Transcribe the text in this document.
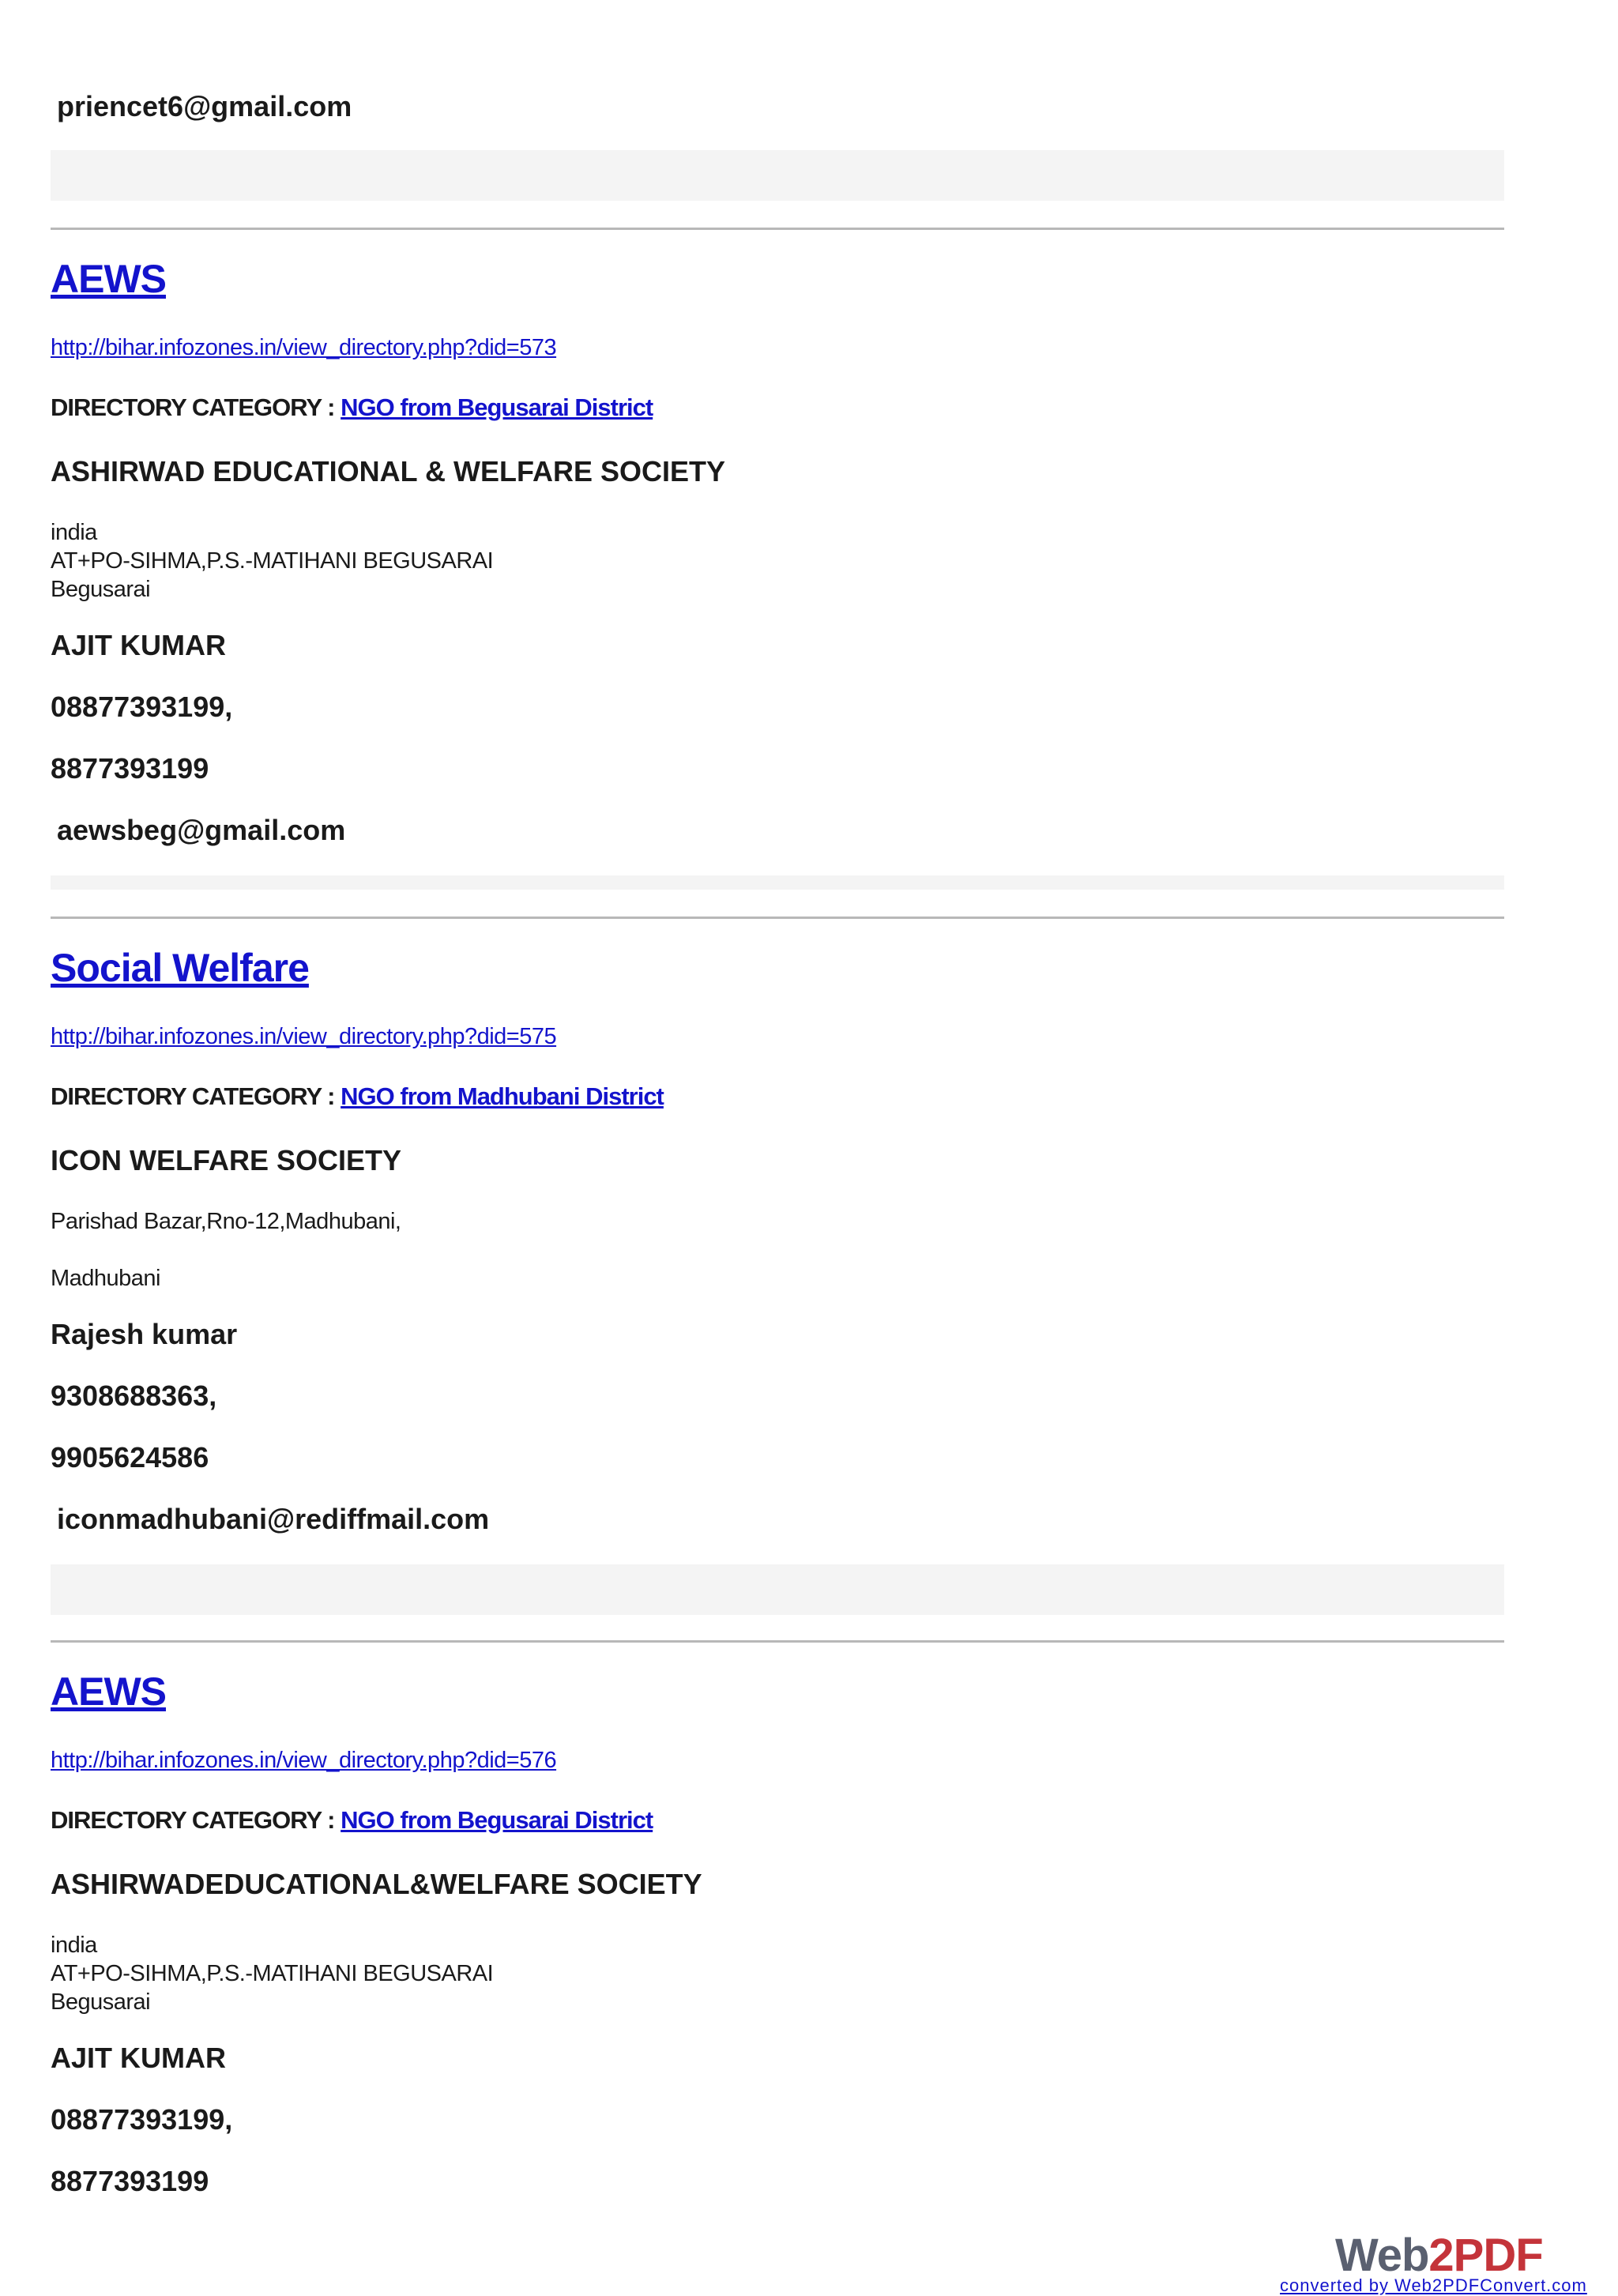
priencet6@gmail.com
AEWS
http://bihar.infozones.in/view_directory.php?did=573
DIRECTORY CATEGORY : NGO from Begusarai District
ASHIRWAD EDUCATIONAL & WELFARE SOCIETY
india
AT+PO-SIHMA,P.S.-MATIHANI BEGUSARAI
Begusarai
AJIT KUMAR
08877393199,
8877393199
aewsbeg@gmail.com
Social Welfare
http://bihar.infozones.in/view_directory.php?did=575
DIRECTORY CATEGORY : NGO from Madhubani District
ICON WELFARE SOCIETY
Parishad Bazar,Rno-12,Madhubani,
Madhubani
Rajesh kumar
9308688363,
9905624586
iconmadhubani@rediffmail.com
AEWS
http://bihar.infozones.in/view_directory.php?did=576
DIRECTORY CATEGORY : NGO from Begusarai District
ASHIRWADEDUCATIONAL&WELFARE SOCIETY
india
AT+PO-SIHMA,P.S.-MATIHANI BEGUSARAI
Begusarai
AJIT KUMAR
08877393199,
8877393199
Web2PDF
converted by Web2PDFConvert.com
